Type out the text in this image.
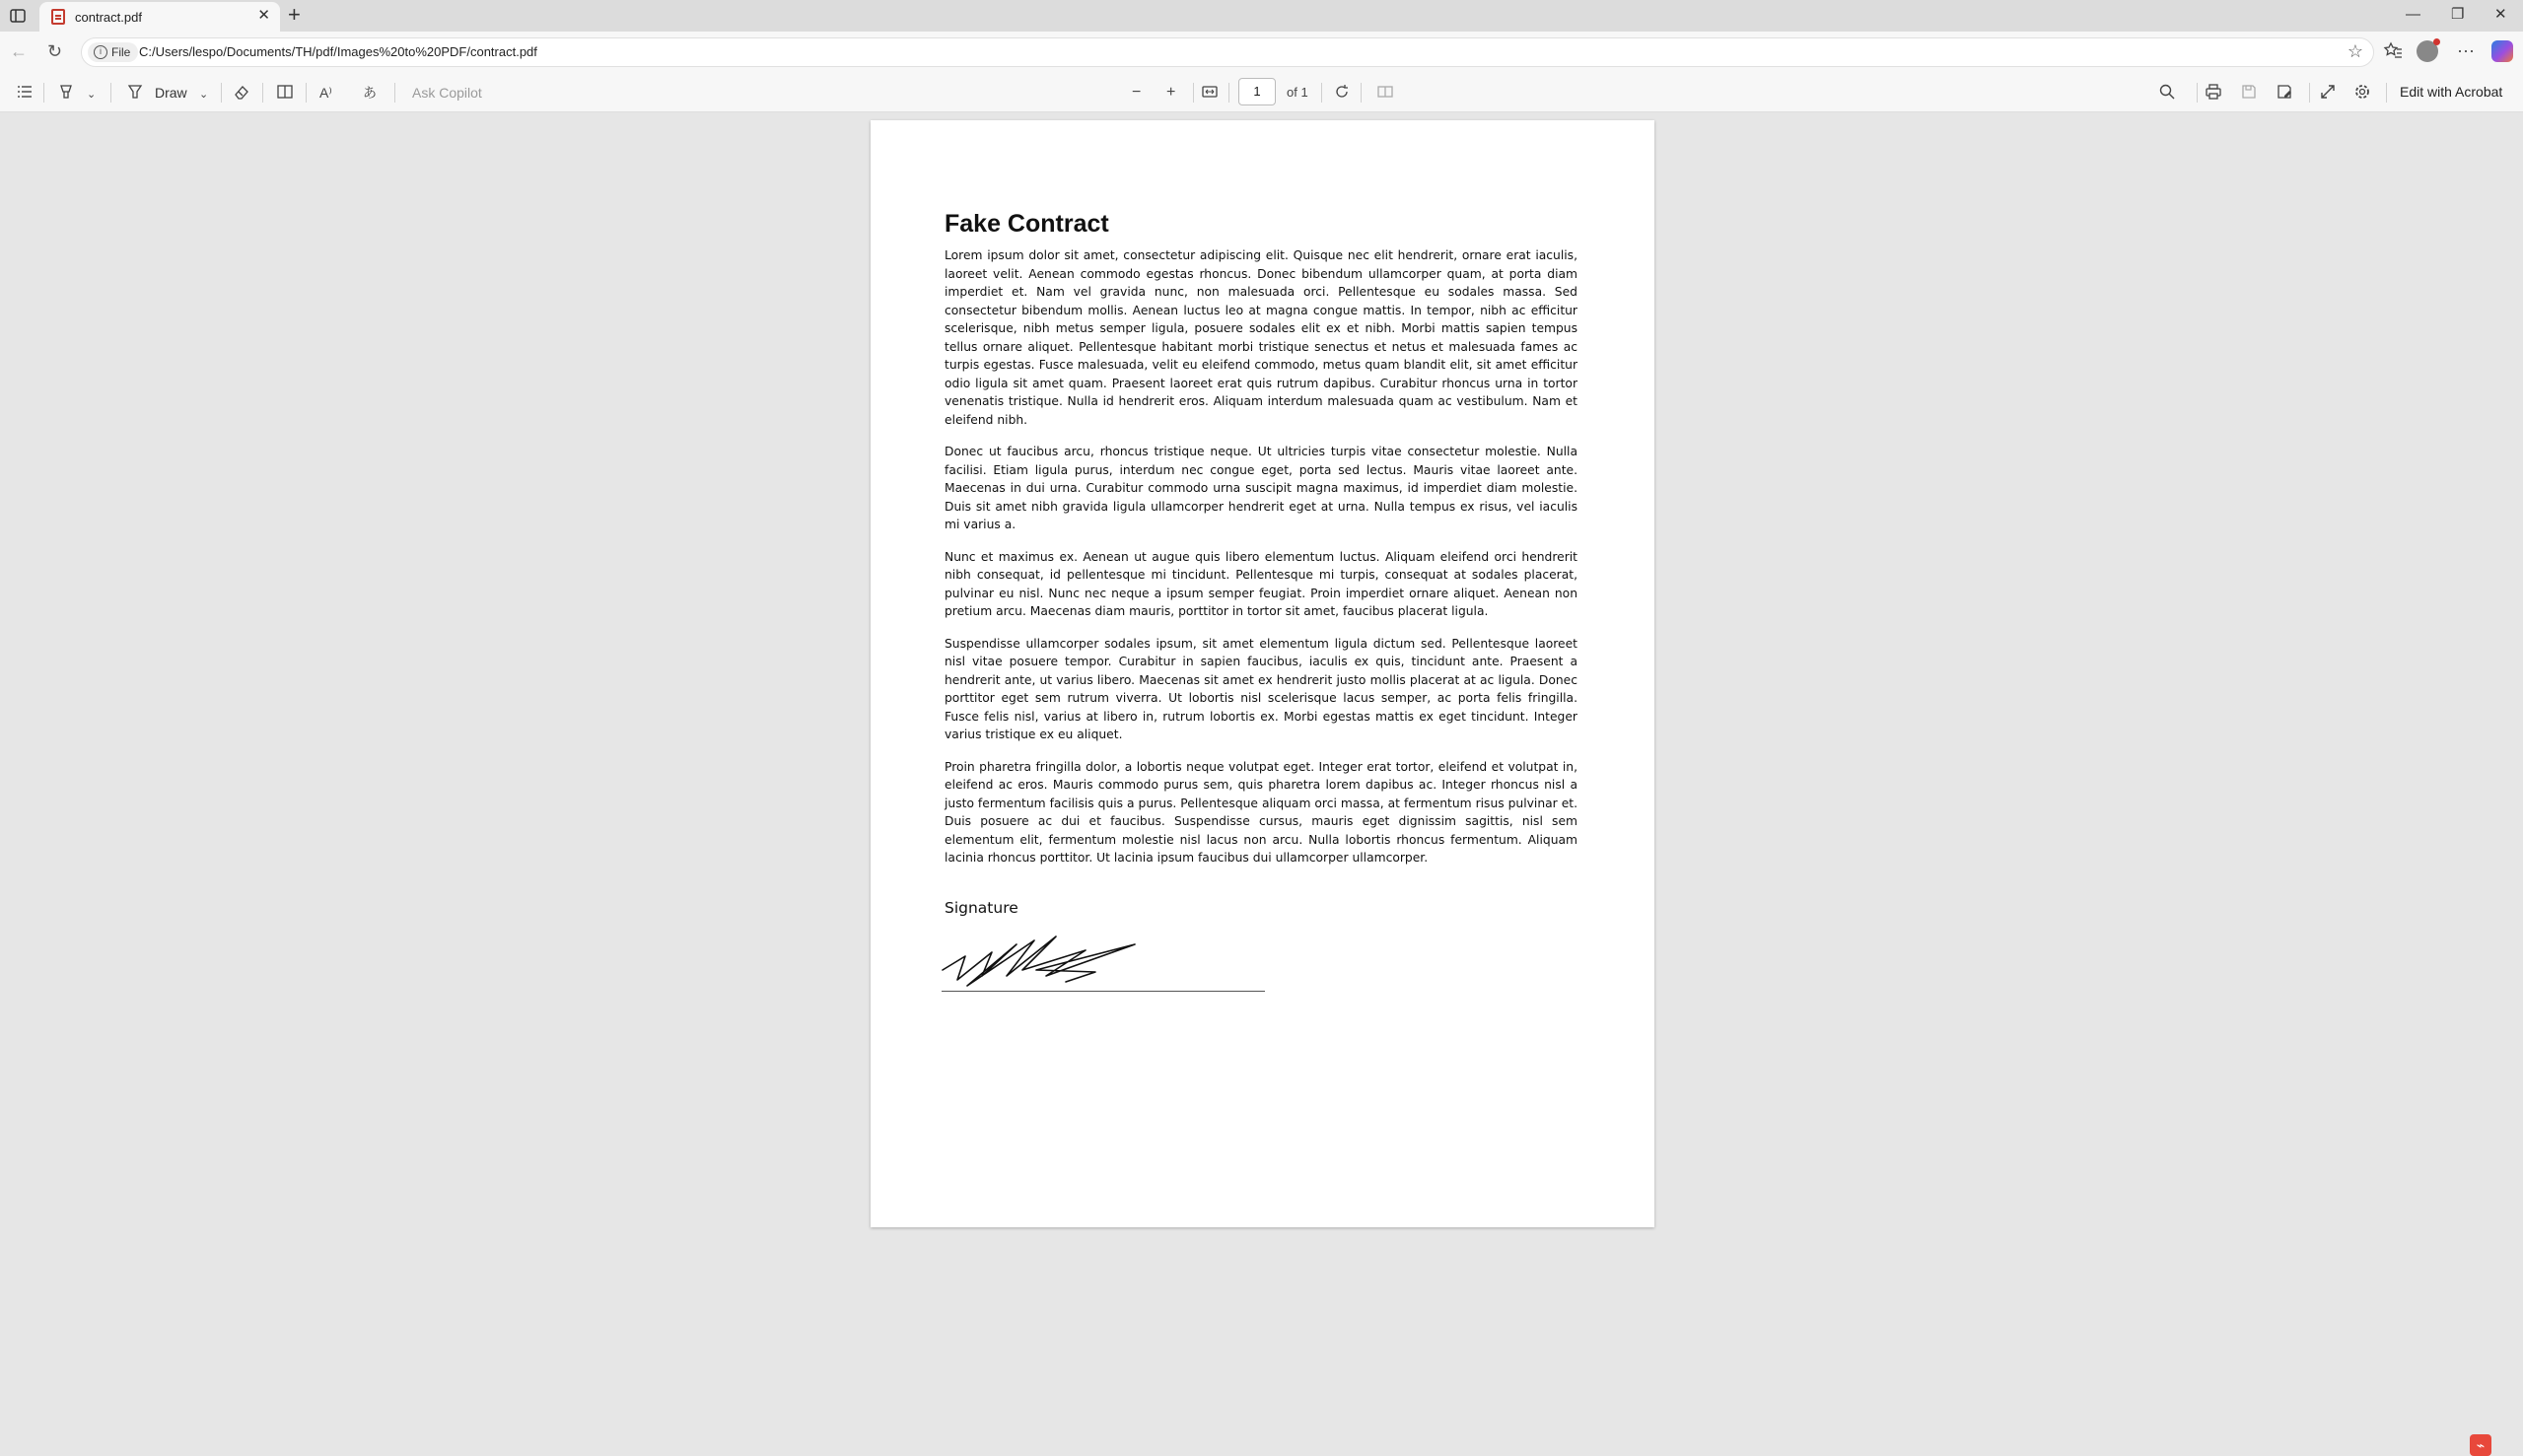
contract.pdf	✕ +	— ❐ ✕
← ↻	i File C:/Users/lespo/Documents/TH/pdf/Images%20to%20PDF/contract.pdf	☆	···
⌄	Draw ⌄	A⁾ あ	Ask Copilot	− +	1	of 1	Edit with Acrobat
Fake Contract

Lorem ipsum dolor sit amet, consectetur adipiscing elit. Quisque nec elit hendrerit, ornare erat iaculis, laoreet velit. Aenean commodo egestas rhoncus. Donec bibendum ullamcorper quam, at porta diam imperdiet et. Nam vel gravida nunc, non malesuada orci. Pellentesque eu sodales massa. Sed consectetur bibendum mollis. Aenean luctus leo at magna congue mattis. In tempor, nibh ac efficitur scelerisque, nibh metus semper ligula, posuere sodales elit ex et nibh. Morbi mattis sapien tempus tellus ornare aliquet. Pellentesque habitant morbi tristique senectus et netus et malesuada fames ac turpis egestas. Fusce malesuada, velit eu eleifend commodo, metus quam blandit elit, sit amet efficitur odio ligula sit amet quam. Praesent laoreet erat quis rutrum dapibus. Curabitur rhoncus urna in tortor venenatis tristique. Nulla id hendrerit eros. Aliquam interdum malesuada quam ac vestibulum. Nam et eleifend nibh.

Donec ut faucibus arcu, rhoncus tristique neque. Ut ultricies turpis vitae consectetur molestie. Nulla facilisi. Etiam ligula purus, interdum nec congue eget, porta sed lectus. Mauris vitae laoreet ante. Maecenas in dui urna. Curabitur commodo urna suscipit magna maximus, id imperdiet diam molestie. Duis sit amet nibh gravida ligula ullamcorper hendrerit eget at urna. Nulla tempus ex risus, vel iaculis mi varius a.

Nunc et maximus ex. Aenean ut augue quis libero elementum luctus. Aliquam eleifend orci hendrerit nibh consequat, id pellentesque mi tincidunt. Pellentesque mi turpis, consequat at sodales placerat, pulvinar eu nisl. Nunc nec neque a ipsum semper feugiat. Proin imperdiet ornare aliquet. Aenean non pretium arcu. Maecenas diam mauris, porttitor in tortor sit amet, faucibus placerat ligula.

Suspendisse ullamcorper sodales ipsum, sit amet elementum ligula dictum sed. Pellentesque laoreet nisl vitae posuere tempor. Curabitur in sapien faucibus, iaculis ex quis, tincidunt ante. Praesent a hendrerit ante, ut varius libero. Maecenas sit amet ex hendrerit justo mollis placerat at ac ligula. Donec porttitor eget sem rutrum viverra. Ut lobortis nisl scelerisque lacus semper, ac porta felis fringilla. Fusce felis nisl, varius at libero in, rutrum lobortis ex. Morbi egestas mattis ex eget tincidunt. Integer varius tristique ex eu aliquet.

Proin pharetra fringilla dolor, a lobortis neque volutpat eget. Integer erat tortor, eleifend et volutpat in, eleifend ac eros. Mauris commodo purus sem, quis pharetra lorem dapibus ac. Integer rhoncus nisl a justo fermentum facilisis quis a purus. Pellentesque aliquam orci massa, at fermentum risus pulvinar et. Duis posuere ac dui et faucibus. Suspendisse cursus, mauris eget dignissim sagittis, nisl sem elementum elit, fermentum molestie nisl lacus non arcu. Nulla lobortis rhoncus fermentum. Aliquam lacinia rhoncus porttitor. Ut lacinia ipsum faucibus dui ullamcorper ullamcorper.

Signature
⌁
